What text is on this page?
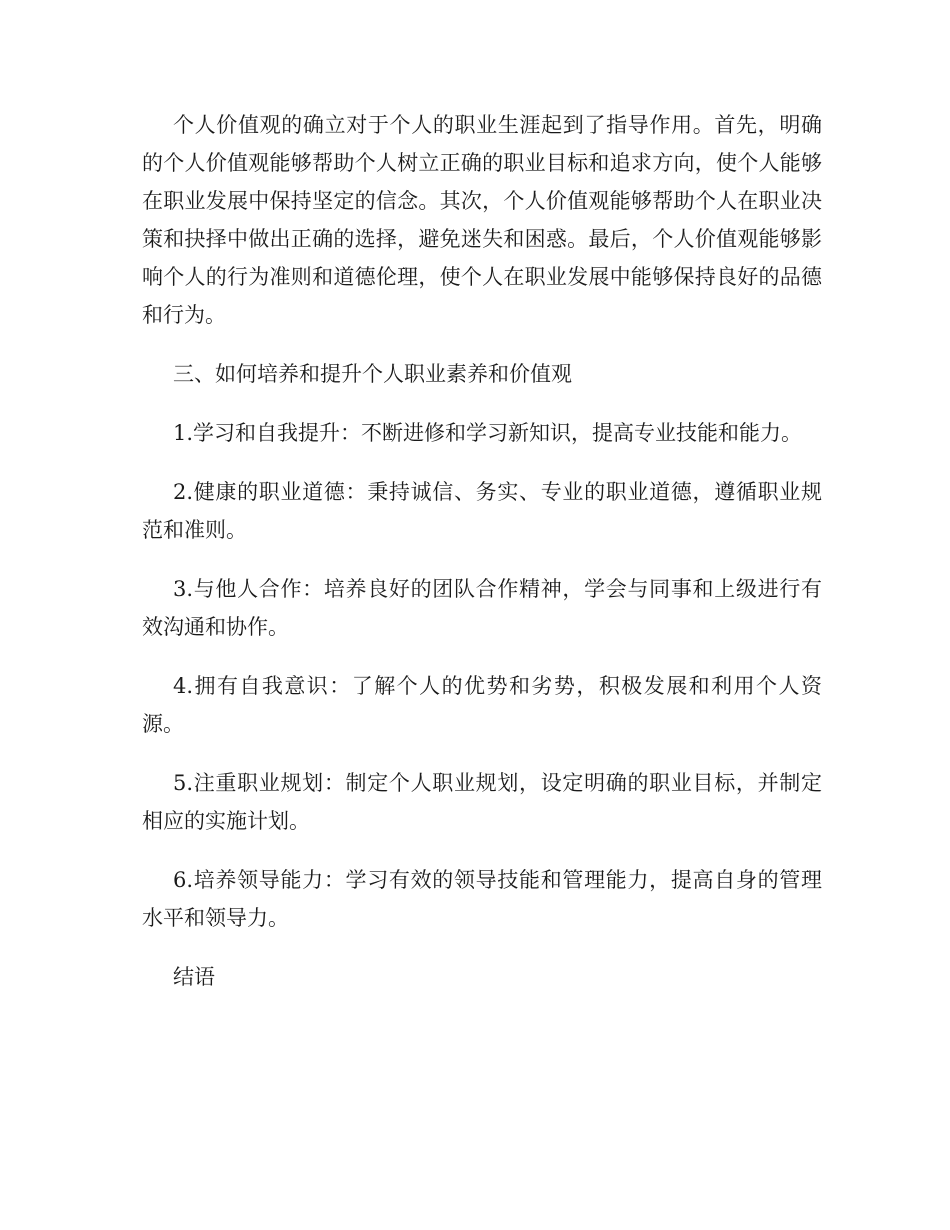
个人价值观的确立对于个人的职业生涯起到了指导作用。首先，明确的个人价值观能够帮助个人树立正确的职业目标和追求方向，使个人能够在职业发展中保持坚定的信念。其次，个人价值观能够帮助个人在职业决策和抉择中做出正确的选择，避免迷失和困惑。最后，个人价值观能够影响个人的行为准则和道德伦理，使个人在职业发展中能够保持良好的品德和行为。

三、如何培养和提升个人职业素养和价值观

1.学习和自我提升：不断进修和学习新知识，提高专业技能和能力。

2.健康的职业道德：秉持诚信、务实、专业的职业道德，遵循职业规范和准则。

3.与他人合作：培养良好的团队合作精神，学会与同事和上级进行有效沟通和协作。

4.拥有自我意识：了解个人的优势和劣势，积极发展和利用个人资源。

5.注重职业规划：制定个人职业规划，设定明确的职业目标，并制定相应的实施计划。

6.培养领导能力：学习有效的领导技能和管理能力，提高自身的管理水平和领导力。

结语
